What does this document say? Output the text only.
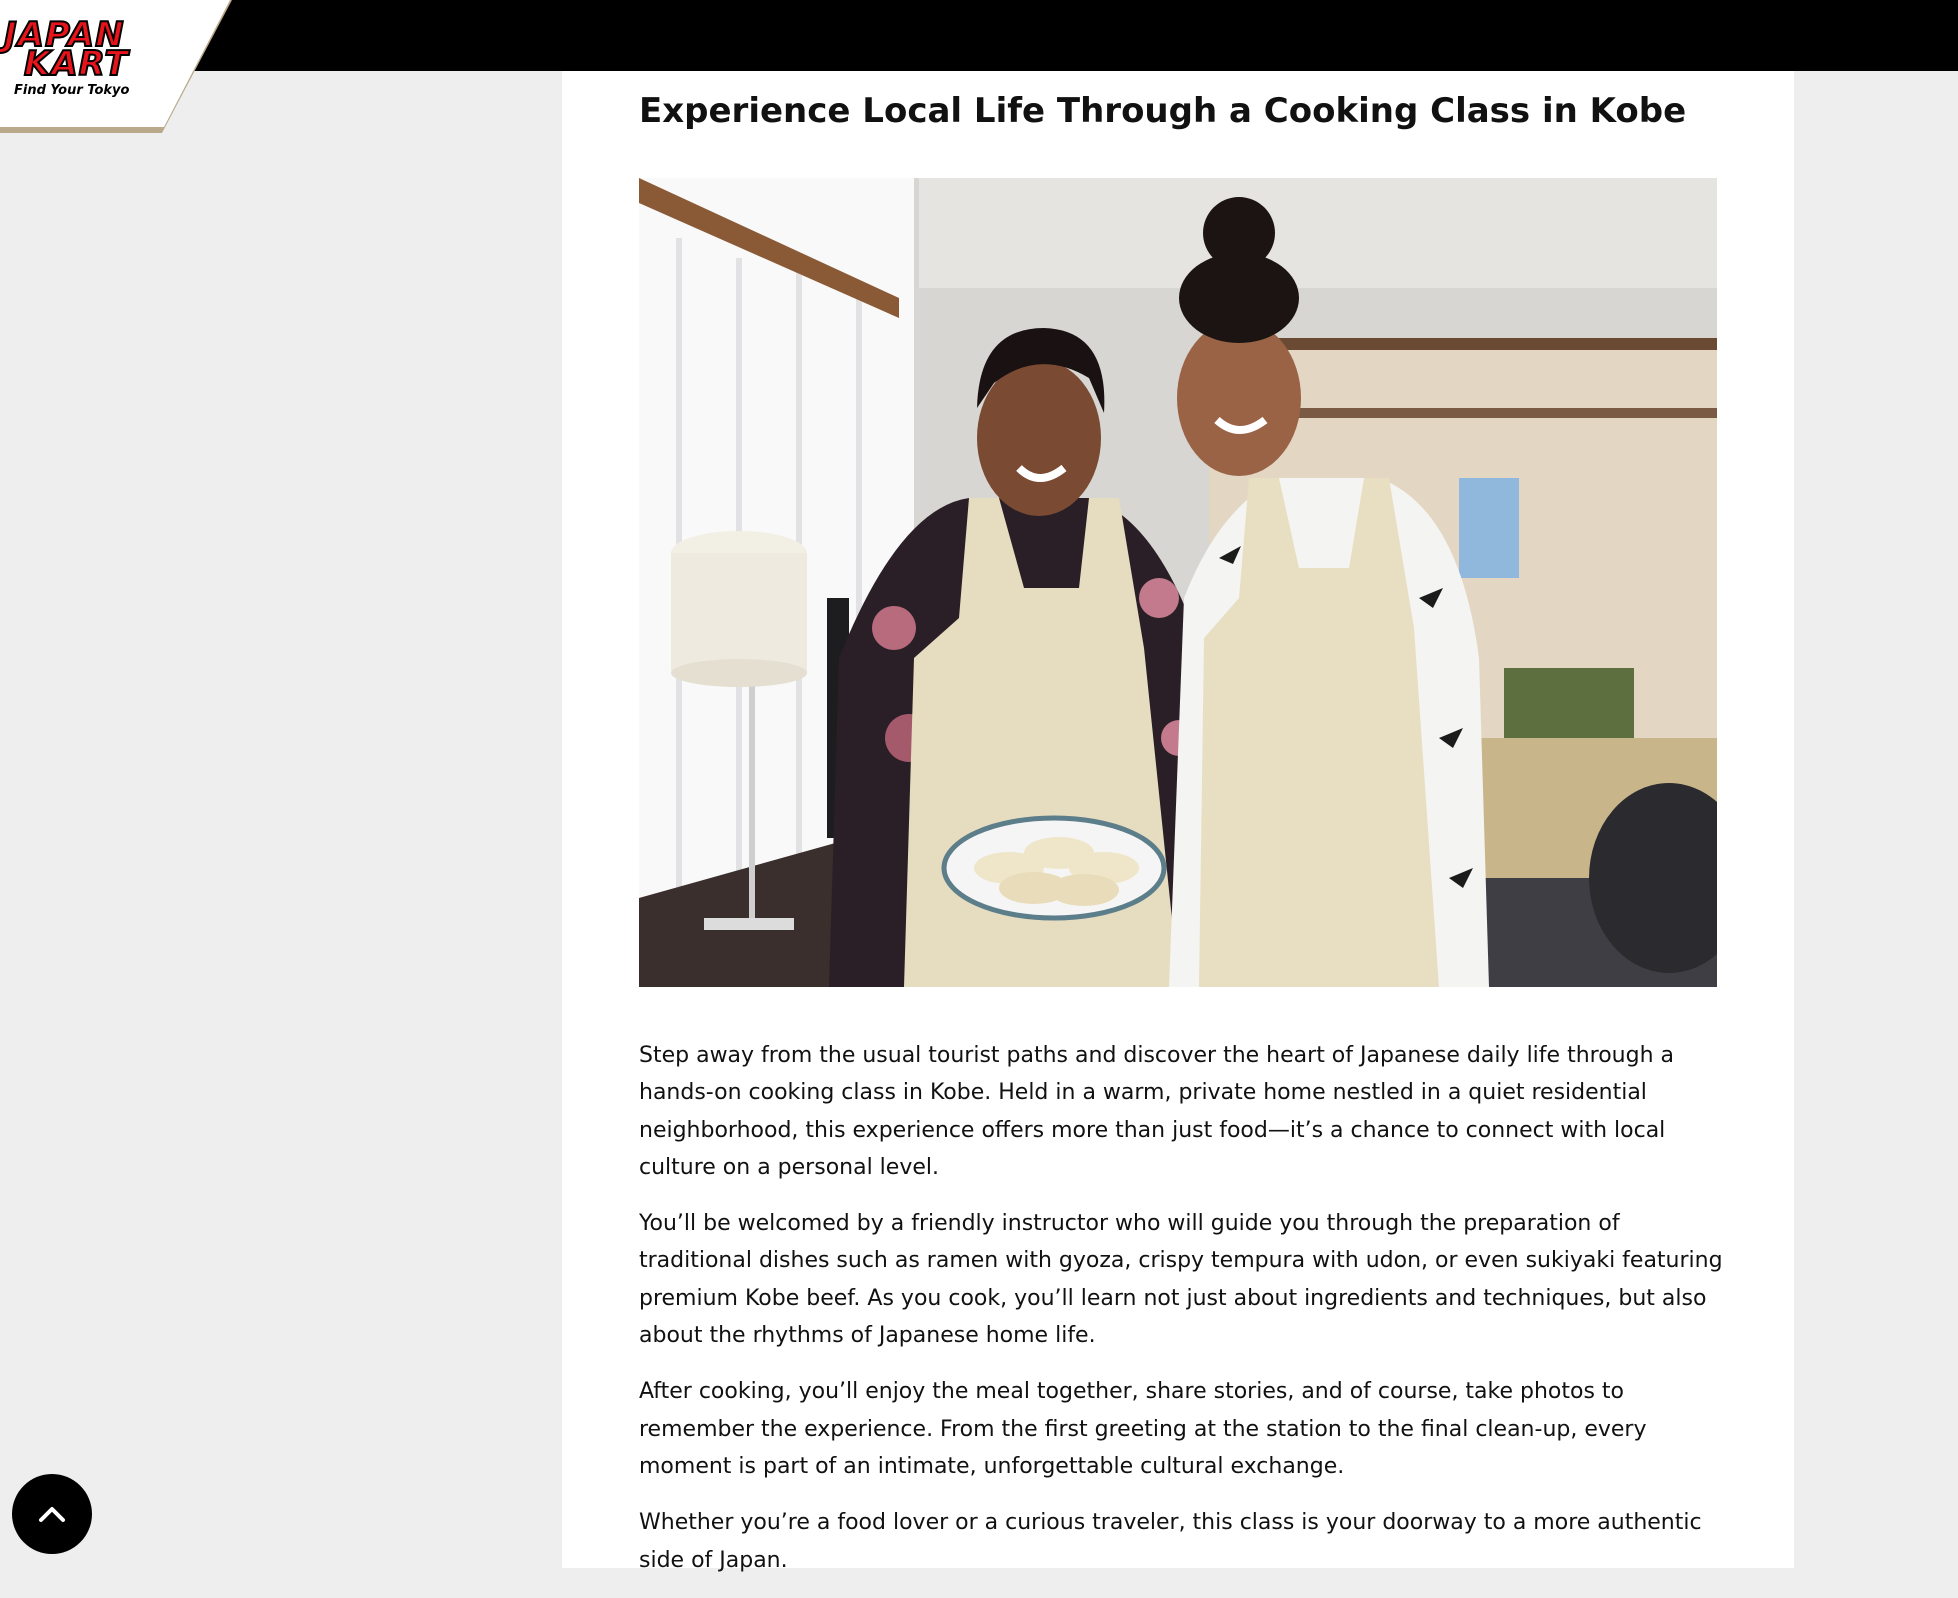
JAPAN
KART
Find Your Tokyo
Experience Local Life Through a Cooking Class in Kobe

Step away from the usual tourist paths and discover the heart of Japanese daily life through a hands-on cooking class in Kobe. Held in a warm, private home nestled in a quiet residential neighborhood, this experience offers more than just food—it’s a chance to connect with local culture on a personal level.

You’ll be welcomed by a friendly instructor who will guide you through the preparation of traditional dishes such as ramen with gyoza, crispy tempura with udon, or even sukiyaki featuring premium Kobe beef. As you cook, you’ll learn not just about ingredients and techniques, but also about the rhythms of Japanese home life.

After cooking, you’ll enjoy the meal together, share stories, and of course, take photos to remember the experience. From the first greeting at the station to the final clean-up, every moment is part of an intimate, unforgettable cultural exchange.

Whether you’re a food lover or a curious traveler, this class is your doorway to a more authentic side of Japan.
